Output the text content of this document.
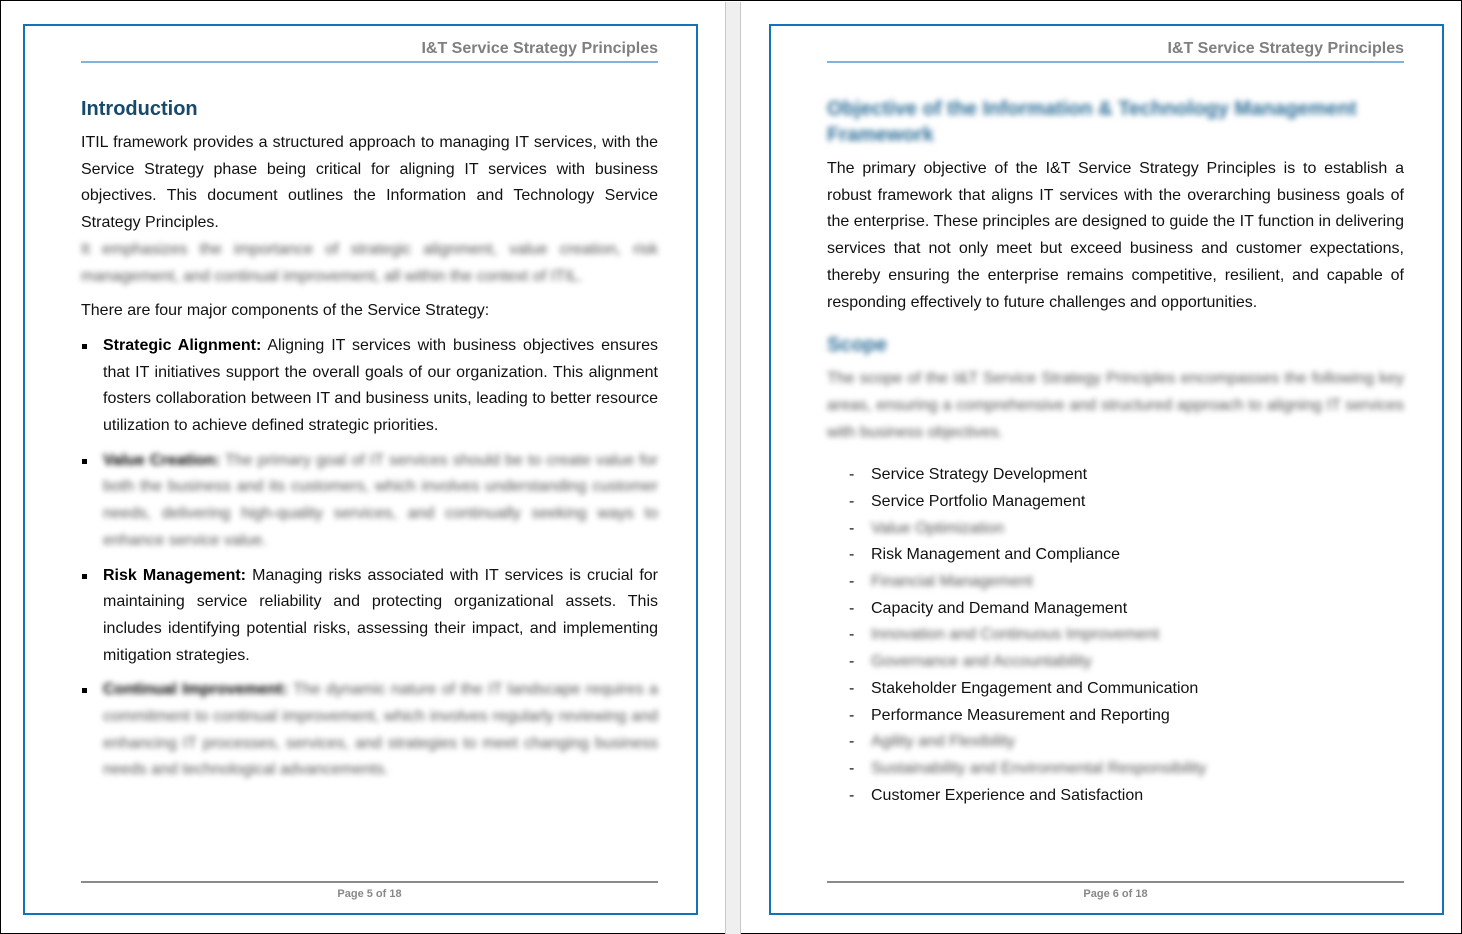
I&T Service Strategy Principles
Introduction

ITIL framework provides a structured approach to managing IT services, with the Service Strategy phase being critical for aligning IT services with business objectives. This document outlines the Information and Technology Service Strategy Principles.

It emphasizes the importance of strategic alignment, value creation, risk management, and continual improvement, all within the context of ITIL.

There are four major components of the Service Strategy:

Strategic Alignment: Aligning IT services with business objectives ensures that IT initiatives support the overall goals of our organization. This alignment fosters collaboration between IT and business units, leading to better resource utilization to achieve defined strategic priorities.
Value Creation: The primary goal of IT services should be to create value for both the business and its customers, which involves understanding customer needs, delivering high-quality services, and continually seeking ways to enhance service value.
Risk Management: Managing risks associated with IT services is crucial for maintaining service reliability and protecting organizational assets. This includes identifying potential risks, assessing their impact, and implementing mitigation strategies.
Continual Improvement: The dynamic nature of the IT landscape requires a commitment to continual improvement, which involves regularly reviewing and enhancing IT processes, services, and strategies to meet changing business needs and technological advancements.
Page 5 of 18
I&T Service Strategy Principles
Objective of the Information & Technology Management Framework

The primary objective of the I&T Service Strategy Principles is to establish a robust framework that aligns IT services with the overarching business goals of the enterprise. These principles are designed to guide the IT function in delivering services that not only meet but exceed business and customer expectations, thereby ensuring the enterprise remains competitive, resilient, and capable of responding effectively to future challenges and opportunities.

Scope

The scope of the I&T Service Strategy Principles encompasses the following key areas, ensuring a comprehensive and structured approach to aligning IT services with business objectives.

- Service Strategy Development
- Service Portfolio Management
- Value Optimization
- Risk Management and Compliance
- Financial Management
- Capacity and Demand Management
- Innovation and Continuous Improvement
- Governance and Accountability
- Stakeholder Engagement and Communication
- Performance Measurement and Reporting
- Agility and Flexibility
- Sustainability and Environmental Responsibility
- Customer Experience and Satisfaction
Page 6 of 18
